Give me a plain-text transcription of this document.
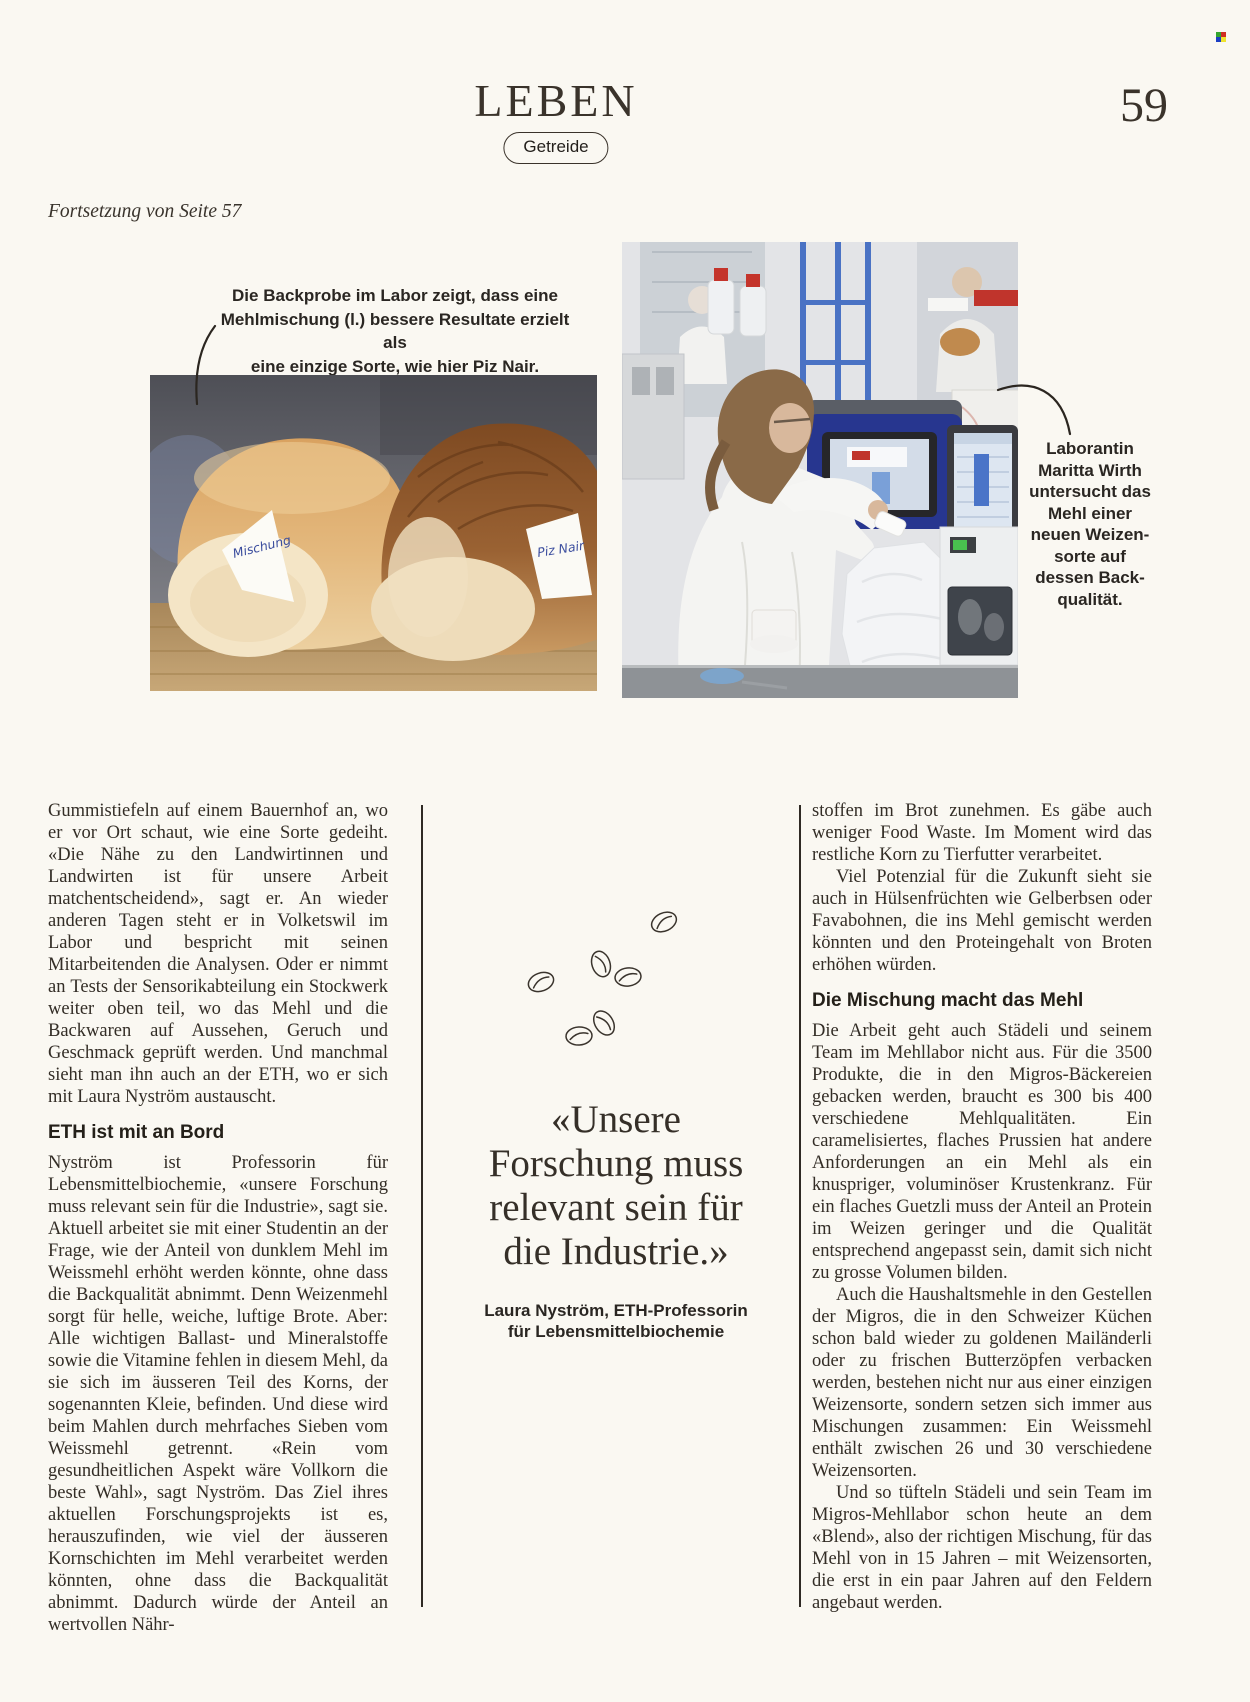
LEBEN
Getreide
59
Fortsetzung von Seite 57
Die Backprobe im Labor zeigt, dass eine
Mehlmischung (l.) bessere Resultate erzielt als
eine einzige Sorte, wie hier Piz Nair.
Mischung	Piz Nair
Laborantin
Maritta Wirth
untersucht das
Mehl einer
neuen Weizen-
sorte auf
dessen Back-
qualität.

Gummistiefeln auf einem Bauernhof an, wo er vor Ort schaut, wie eine Sorte gedeiht. «Die Nähe zu den Landwirtinnen und Landwirten ist für unsere Arbeit matchentscheidend», sagt er. An wieder anderen Tagen steht er in Volketswil im Labor und bespricht mit seinen Mitarbeitenden die Analysen. Oder er nimmt an Tests der Sensorikabteilung ein Stockwerk weiter oben teil, wo das Mehl und die Backwaren auf Aussehen, Geruch und Geschmack geprüft werden. Und manchmal sieht man ihn auch an der ETH, wo er sich mit Laura Nyström austauscht.

ETH ist mit an Bord

Nyström ist Professorin für Lebensmittelbiochemie, «unsere Forschung muss relevant sein für die Industrie», sagt sie. Aktuell arbeitet sie mit einer Studentin an der Frage, wie der Anteil von dunklem Mehl im Weissmehl erhöht werden könnte, ohne dass die Backqualität abnimmt. Denn Weizenmehl sorgt für helle, weiche, luftige Brote. Aber: Alle wichtigen Ballast- und Mineralstoffe sowie die Vitamine fehlen in diesem Mehl, da sie sich im äusseren Teil des Korns, der sogenannten Kleie, befinden. Und diese wird beim Mahlen durch mehrfaches Sieben vom Weissmehl getrennt. «Rein vom gesundheitlichen Aspekt wäre Vollkorn die beste Wahl», sagt Nyström. Das Ziel ihres aktuellen Forschungsprojekts ist es, herauszufinden, wie viel der äusseren Kornschichten im Mehl verarbeitet werden könnten, ohne dass die Backqualität abnimmt. Dadurch würde der Anteil an wertvollen Nähr-

stoffen im Brot zunehmen. Es gäbe auch weniger Food Waste. Im Moment wird das restliche Korn zu Tierfutter verarbeitet.

Viel Potenzial für die Zukunft sieht sie auch in Hülsenfrüchten wie Gelberbsen oder Favabohnen, die ins Mehl gemischt werden könnten und den Proteingehalt von Broten erhöhen würden.

Die Mischung macht das Mehl

Die Arbeit geht auch Städeli und seinem Team im Mehllabor nicht aus. Für die 3500 Produkte, die in den Migros-Bäckereien gebacken werden, braucht es 300 bis 400 verschiedene Mehlqualitäten. Ein caramelisiertes, flaches Prussien hat andere Anforderungen an ein Mehl als ein knuspriger, voluminöser Krustenkranz. Für ein flaches Guetzli muss der Anteil an Protein im Weizen geringer und die Qualität entsprechend angepasst sein, damit sich nicht zu grosse Volumen bilden.

Auch die Haushaltsmehle in den Gestellen der Migros, die in den Schweizer Küchen schon bald wieder zu goldenen Mailänderli oder zu frischen Butterzöpfen verbacken werden, bestehen nicht nur aus einer einzigen Weizensorte, sondern setzen sich immer aus Mischungen zusammen: Ein Weissmehl enthält zwischen 26 und 30 verschiedene Weizensorten.

Und so tüfteln Städeli und sein Team im Migros-Mehllabor schon heute an dem «Blend», also der richtigen Mischung, für das Mehl von in 15 Jahren – mit Weizensorten, die erst in ein paar Jahren auf den Feldern angebaut werden.

«Unsere
Forschung muss
relevant sein für
die Industrie.»
Laura Nyström, ETH-Professorin
für Lebensmittelbiochemie
